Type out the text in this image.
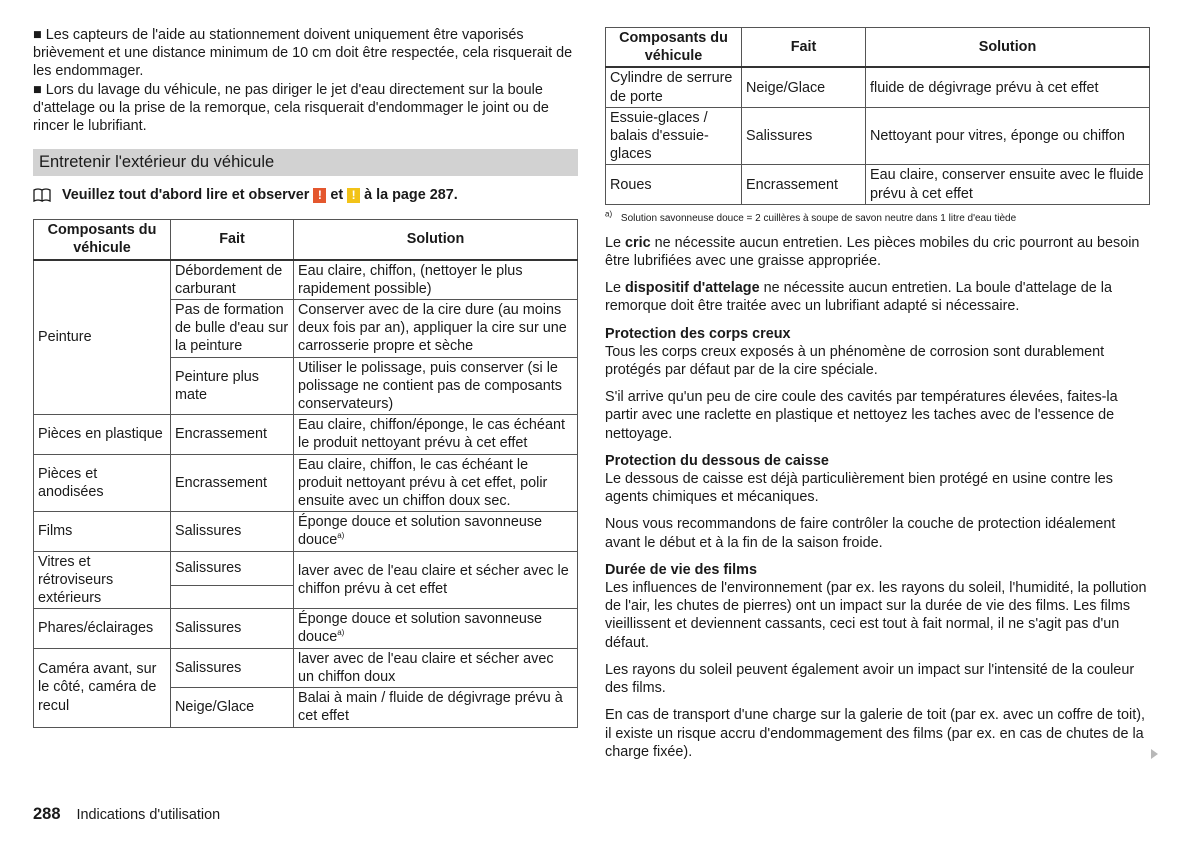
■ Les capteurs de l'aide au stationnement doivent uniquement être vaporisés brièvement et une distance minimum de 10 cm doit être respectée, cela risquerait de les endommager.

■ Lors du lavage du véhicule, ne pas diriger le jet d'eau directement sur la boule d'attelage ou la prise de la remorque, cela risquerait d'endommager le joint ou de rincer le lubrifiant.

Entretenir l'extérieur du véhicule
Veuillez tout d'abord lire et observer ! et ! à la page 287.
Composants du véhicule	Fait	Solution
Peinture	Débordement de carburant	Eau claire, chiffon, (nettoyer le plus rapidement possible)
	Pas de formation de bulle d'eau sur la peinture	Conserver avec de la cire dure (au moins deux fois par an), appliquer la cire sur une carrosserie propre et sèche
	Peinture plus mate	Utiliser le polissage, puis conserver (si le polissage ne contient pas de composants conservateurs)
Pièces en plastique	Encrassement	Eau claire, chiffon/éponge, le cas échéant le produit nettoyant prévu à cet effet
Pièces et anodisées	Encrassement	Eau claire, chiffon, le cas échéant le produit nettoyant prévu à cet effet, polir ensuite avec un chiffon doux sec.
Films	Salissures	Éponge douce et solution savonneuse douce$^{a)}$
Vitres et rétroviseurs extérieurs	Salissures	laver avec de l'eau claire et sécher avec le chiffon prévu à cet effet

Phares/éclairages	Salissures	Éponge douce et solution savonneuse douce$^{a)}$
Caméra avant, sur le côté, caméra de recul	Salissures	laver avec de l'eau claire et sécher avec un chiffon doux
	Neige/Glace	Balai à main / fluide de dégivrage prévu à cet effet
Composants du véhicule	Fait	Solution
Cylindre de serrure de porte	Neige/Glace	fluide de dégivrage prévu à cet effet
Essuie-glaces / balais d'essuie-glaces	Salissures	Nettoyant pour vitres, éponge ou chiffon
Roues	Encrassement	Eau claire, conserver ensuite avec le fluide prévu à cet effet
$^{a)}$ Solution savonneuse douce = 2 cuillères à soupe de savon neutre dans 1 litre d'eau tiède

Le cric ne nécessite aucun entretien. Les pièces mobiles du cric pourront au besoin être lubrifiées avec une graisse appropriée.

Le dispositif d'attelage ne nécessite aucun entretien. La boule d'attelage de la remorque doit être traitée avec un lubrifiant adapté si nécessaire.

Protection des corps creux

Tous les corps creux exposés à un phénomène de corrosion sont durablement protégés par défaut par de la cire spéciale.

S'il arrive qu'un peu de cire coule des cavités par températures élevées, faites-la partir avec une raclette en plastique et nettoyez les taches avec de l'essence de nettoyage.

Protection du dessous de caisse

Le dessous de caisse est déjà particulièrement bien protégé en usine contre les agents chimiques et mécaniques.

Nous vous recommandons de faire contrôler la couche de protection idéalement avant le début et à la fin de la saison froide.

Durée de vie des films

Les influences de l'environnement (par ex. les rayons du soleil, l'humidité, la pollution de l'air, les chutes de pierres) ont un impact sur la durée de vie des films. Les films vieillissent et deviennent cassants, ceci est tout à fait normal, il ne s'agit pas d'un défaut.

Les rayons du soleil peuvent également avoir un impact sur l'intensité de la couleur des films.

En cas de transport d'une charge sur la galerie de toit (par ex. avec un coffre de toit), il existe un risque accru d'endommagement des films (par ex. en cas de chutes de la charge fixée).

288 Indications d'utilisation
